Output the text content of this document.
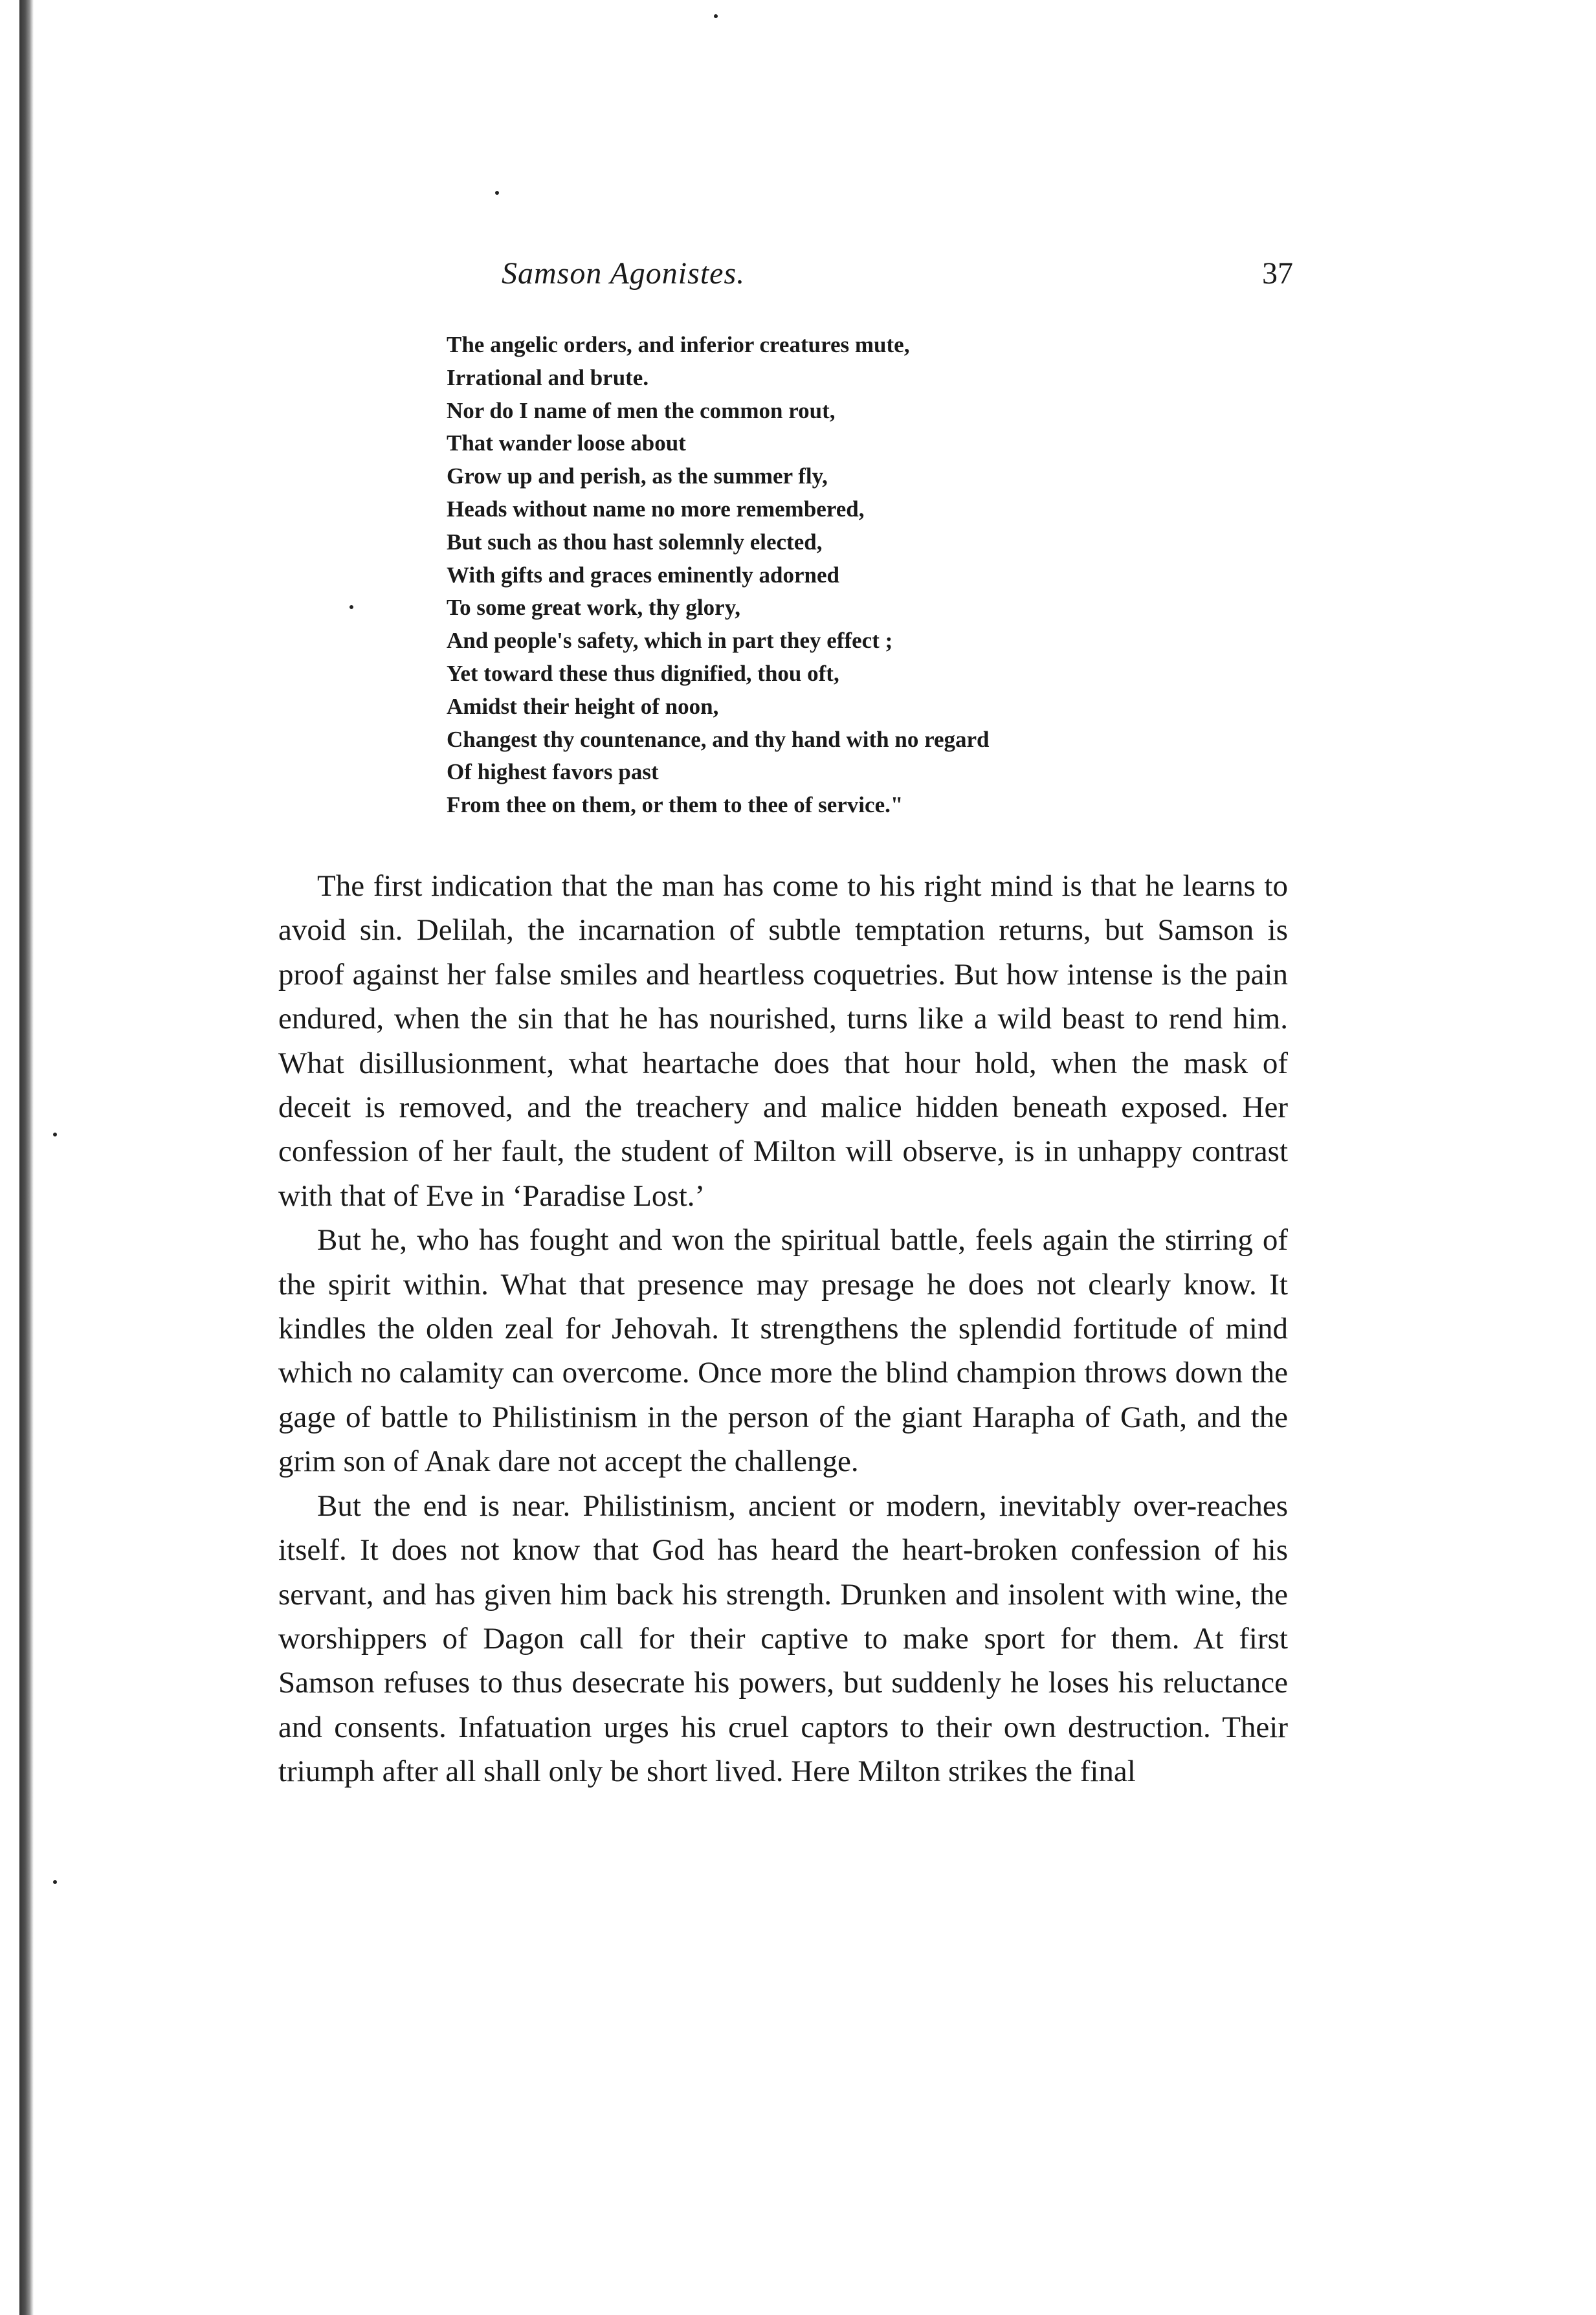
Samson Agonistes.	37
The angelic orders, and inferior creatures mute,
Irrational and brute.
Nor do I name of men the common rout,
That wander loose about
Grow up and perish, as the summer fly,
Heads without name no more remembered,
But such as thou hast solemnly elected,
With gifts and graces eminently adorned
To some great work, thy glory,
And people's safety, which in part they effect ;
Yet toward these thus dignified, thou oft,
Amidst their height of noon,
Changest thy countenance, and thy hand with no regard
Of highest favors past
From thee on them, or them to thee of service."

The first indication that the man has come to his right mind is that he learns to avoid sin. Delilah, the incarnation of subtle temptation returns, but Samson is proof against her false smiles and heartless coquetries. But how intense is the pain endured, when the sin that he has nourished, turns like a wild beast to rend him. What disillusionment, what heartache does that hour hold, when the mask of deceit is removed, and the treachery and malice hidden beneath exposed. Her confession of her fault, the student of Milton will observe, is in unhappy contrast with that of Eve in ‘Paradise Lost.’

But he, who has fought and won the spiritual battle, feels again the stirring of the spirit within. What that presence may presage he does not clearly know. It kindles the olden zeal for Jehovah. It strengthens the splendid fortitude of mind which no calamity can overcome. Once more the blind champion throws down the gage of battle to Philistinism in the person of the giant Harapha of Gath, and the grim son of Anak dare not accept the challenge.

But the end is near. Philistinism, ancient or modern, inevitably over-reaches itself. It does not know that God has heard the heart-broken confession of his servant, and has given him back his strength. Drunken and insolent with wine, the worshippers of Dagon call for their captive to make sport for them. At first Samson refuses to thus desecrate his powers, but suddenly he loses his reluctance and consents. Infatuation urges his cruel captors to their own destruction. Their triumph after all shall only be short lived. Here Milton strikes the final
